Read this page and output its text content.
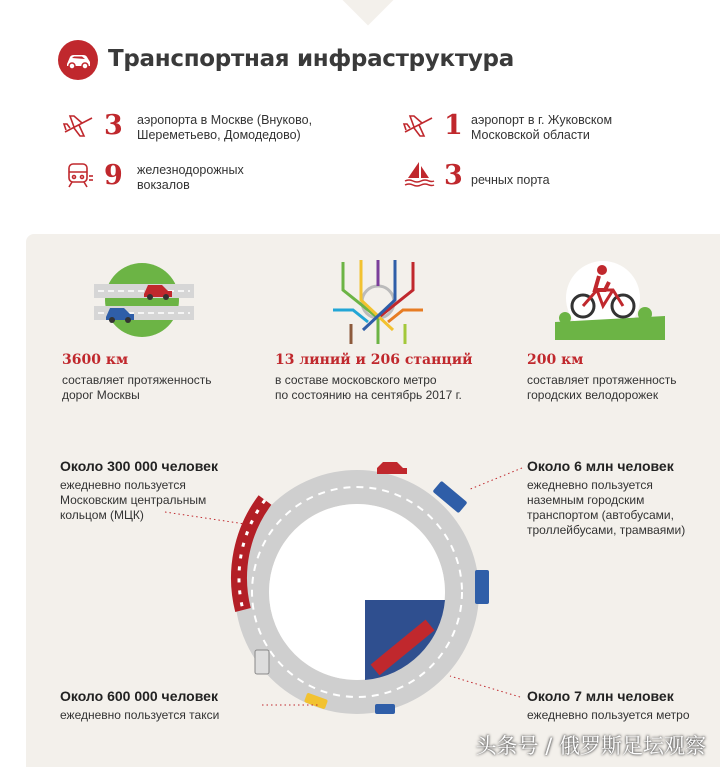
Транспортная инфраструктура
3 аэропорта в Москве (Внуково,
Шереметьево, Домодедово)	1 аэропорт в г. Жуковском
Московской области
9 железнодорожных
вокзалов	3 речных порта
3600 км
составляет протяженность
дорог Москвы
13 линий и 206 станций
в составе московского метро
по состоянию на сентябрь 2017 г.
200 км
составляет протяженность
городских велодорожек
Около 300 000 человек
ежедневно пользуется
Московским центральным
кольцом (МЦК)
Около 6 млн человек
ежедневно пользуется
наземным городским
транспортом (автобусами,
троллейбусами, трамваями)
Около 600 000 человек
ежедневно пользуется такси
Около 7 млн человек
ежедневно пользуется метро
头条号 / 俄罗斯足坛观察
